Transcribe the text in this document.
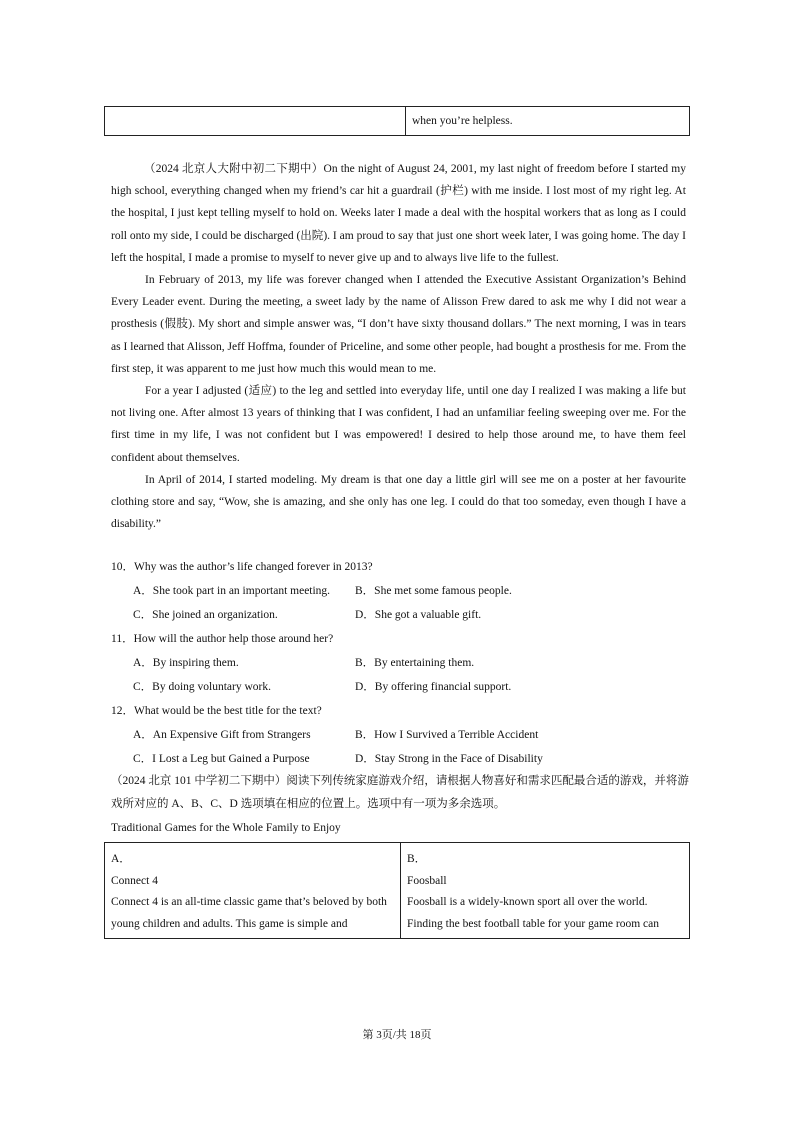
when you’re helpless.

（2024 北京人大附中初二下期中）On the night of August 24, 2001, my last night of freedom before I started my high school, everything changed when my friend’s car hit a guardrail (护栏) with me inside. I lost most of my right leg. At the hospital, I just kept telling myself to hold on. Weeks later I made a deal with the hospital workers that as long as I could roll onto my side, I could be discharged (出院). I am proud to say that just one short week later, I was going home. The day I left the hospital, I made a promise to myself to never give up and to always live life to the fullest.

In February of 2013, my life was forever changed when I attended the Executive Assistant Organization’s Behind Every Leader event. During the meeting, a sweet lady by the name of Alisson Frew dared to ask me why I did not wear a prosthesis (假肢). My short and simple answer was, “I don’t have sixty thousand dollars.” The next morning, I was in tears as I learned that Alisson, Jeff Hoffma, founder of Priceline, and some other people, had bought a prosthesis for me. From the first step, it was apparent to me just how much this would mean to me.

For a year I adjusted (适应) to the leg and settled into everyday life, until one day I realized I was making a life but not living one. After almost 13 years of thinking that I was confident, I had an unfamiliar feeling sweeping over me. For the first time in my life, I was not confident but I was empowered! I desired to help those around me, to have them feel confident about themselves.

In April of 2014, I started modeling. My dream is that one day a little girl will see me on a poster at her favourite clothing store and say, “Wow, she is amazing, and she only has one leg. I could do that too someday, even though I have a disability.”

10．Why was the author’s life changed forever in 2013?

A．She took part in an important meeting.	B．She met some famous people.
C．She joined an organization.	D．She got a valuable gift.

11．How will the author help those around her?

A．By inspiring them.	B．By entertaining them.
C．By doing voluntary work.	D．By offering financial support.

12．What would be the best title for the text?

A．An Expensive Gift from Strangers	B．How I Survived a Terrible Accident
C．I Lost a Leg but Gained a Purpose	D．Stay Strong in the Face of Disability

（2024 北京 101 中学初二下期中）阅读下列传统家庭游戏介绍，请根据人物喜好和需求匹配最合适的游戏，并将游戏所对应的 A、B、C、D 选项填在相应的位置上。选项中有一项为多余选项。

Traditional Games for the Whole Family to Enjoy
A．
Connect 4
Connect 4 is an all-time classic game that’s beloved by both young children and adults. This game is simple and
B．
Foosball
Foosball is a widely-known sport all over the world. Finding the best football table for your game room can
第 3页/共 18页
